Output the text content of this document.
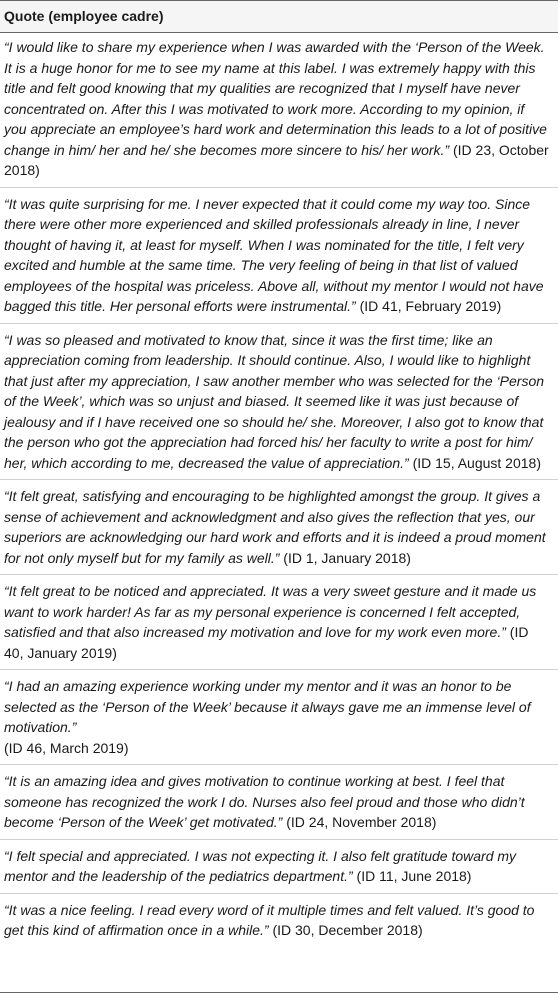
Quote (employee cadre)
“I would like to share my experience when I was awarded with the ‘Person of the Week. It is a huge honor for me to see my name at this label. I was extremely happy with this title and felt good knowing that my qualities are recognized that I myself have never concentrated on. After this I was motivated to work more. According to my opinion, if you appreciate an employee’s hard work and determination this leads to a lot of positive change in him/ her and he/ she becomes more sincere to his/ her work.” (ID 23, October 2018)
“It was quite surprising for me. I never expected that it could come my way too. Since there were other more experienced and skilled professionals already in line, I never thought of having it, at least for myself. When I was nominated for the title, I felt very excited and humble at the same time. The very feeling of being in that list of valued employees of the hospital was priceless. Above all, without my mentor I would not have bagged this title. Her personal efforts were instrumental.” (ID 41, February 2019)
“I was so pleased and motivated to know that, since it was the first time; like an appreciation coming from leadership. It should continue. Also, I would like to highlight that just after my appreciation, I saw another member who was selected for the ‘Person of the Week’, which was so unjust and biased. It seemed like it was just because of jealousy and if I have received one so should he/ she. Moreover, I also got to know that the person who got the appreciation had forced his/ her faculty to write a post for him/ her, which according to me, decreased the value of appreciation.” (ID 15, August 2018)
“It felt great, satisfying and encouraging to be highlighted amongst the group. It gives a sense of achievement and acknowledgment and also gives the reflection that yes, our superiors are acknowledging our hard work and efforts and it is indeed a proud moment for not only myself but for my family as well.” (ID 1, January 2018)
“It felt great to be noticed and appreciated. It was a very sweet gesture and it made us want to work harder! As far as my personal experience is concerned I felt accepted, satisfied and that also increased my motivation and love for my work even more.” (ID 40, January 2019)
“I had an amazing experience working under my mentor and it was an honor to be selected as the ‘Person of the Week’ because it always gave me an immense level of motivation.”
(ID 46, March 2019)
“It is an amazing idea and gives motivation to continue working at best. I feel that someone has recognized the work I do. Nurses also feel proud and those who didn’t become ‘Person of the Week’ get motivated.” (ID 24, November 2018)
“I felt special and appreciated. I was not expecting it. I also felt gratitude toward my mentor and the leadership of the pediatrics department.” (ID 11, June 2018)
“It was a nice feeling. I read every word of it multiple times and felt valued. It’s good to get this kind of affirmation once in a while.” (ID 30, December 2018)
